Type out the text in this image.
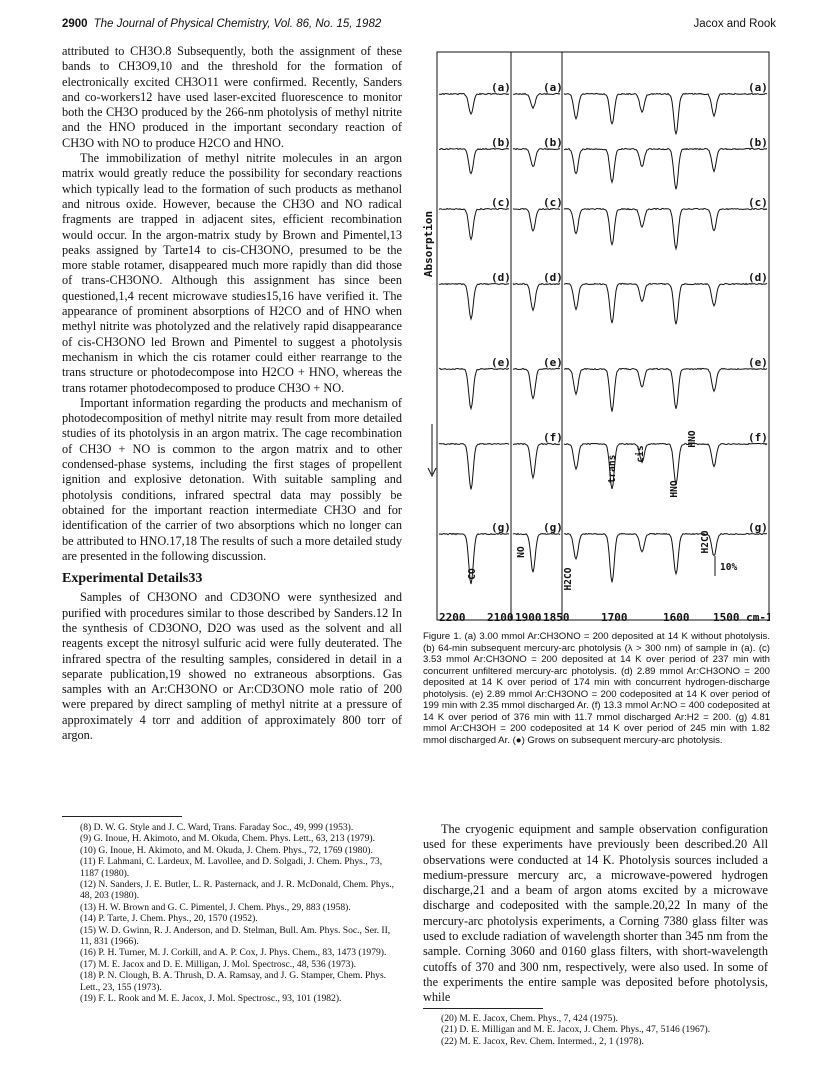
2900 The Journal of Physical Chemistry, Vol. 86, No. 15, 1982	Jacox and Rook

attributed to CH3O.8 Subsequently, both the assignment of these bands to CH3O9,10 and the threshold for the formation of electronically excited CH3O11 were confirmed. Recently, Sanders and co-workers12 have used laser-excited fluorescence to monitor both the CH3O produced by the 266-nm photolysis of methyl nitrite and the HNO produced in the important secondary reaction of CH3O with NO to produce H2CO and HNO.

The immobilization of methyl nitrite molecules in an argon matrix would greatly reduce the possibility for secondary reactions which typically lead to the formation of such products as methanol and nitrous oxide. However, because the CH3O and NO radical fragments are trapped in adjacent sites, efficient recombination would occur. In the argon-matrix study by Brown and Pimentel,13 peaks assigned by Tarte14 to cis-CH3ONO, presumed to be the more stable rotamer, disappeared much more rapidly than did those of trans-CH3ONO. Although this assignment has since been questioned,1,4 recent microwave studies15,16 have verified it. The appearance of prominent absorptions of H2CO and of HNO when methyl nitrite was photolyzed and the relatively rapid disappearance of cis-CH3ONO led Brown and Pimentel to suggest a photolysis mechanism in which the cis rotamer could either rearrange to the trans structure or photodecompose into H2CO + HNO, whereas the trans rotamer photodecomposed to produce CH3O + NO.

Important information regarding the products and mechanism of photodecomposition of methyl nitrite may result from more detailed studies of its photolysis in an argon matrix. The cage recombination of CH3O + NO is common to the argon matrix and to other condensed-phase systems, including the first stages of propellent ignition and explosive detonation. With suitable sampling and photolysis conditions, infrared spectral data may possibly be obtained for the important reaction intermediate CH3O and for identification of the carrier of two absorptions which no longer can be attributed to HNO.17,18 The results of such a more detailed study are presented in the following discussion.

Experimental Details33

Samples of CH3ONO and CD3ONO were synthesized and purified with procedures similar to those described by Sanders.12 In the synthesis of CD3ONO, D2O was used as the solvent and all reagents except the nitrosyl sulfuric acid were fully deuterated. The infrared spectra of the resulting samples, considered in detail in a separate publication,19 showed no extraneous absorptions. Gas samples with an Ar:CH3ONO or Ar:CD3ONO mole ratio of 200 were prepared by direct sampling of methyl nitrite at a pressure of approximately 4 torr and addition of approximately 800 torr of argon.

(8) D. W. G. Style and J. C. Ward, Trans. Faraday Soc., 49, 999 (1953).
(9) G. Inoue, H. Akimoto, and M. Okuda, Chem. Phys. Lett., 63, 213 (1979).
(10) G. Inoue, H. Akimoto, and M. Okuda, J. Chem. Phys., 72, 1769 (1980).
(11) F. Lahmani, C. Lardeux, M. Lavollee, and D. Solgadi, J. Chem. Phys., 73, 1187 (1980).
(12) N. Sanders, J. E. Butler, L. R. Pasternack, and J. R. McDonald, Chem. Phys., 48, 203 (1980).
(13) H. W. Brown and G. C. Pimentel, J. Chem. Phys., 29, 883 (1958).
(14) P. Tarte, J. Chem. Phys., 20, 1570 (1952).
(15) W. D. Gwinn, R. J. Anderson, and D. Stelman, Bull. Am. Phys. Soc., Ser. II, 11, 831 (1966).
(16) P. H. Turner, M. J. Corkill, and A. P. Cox, J. Phys. Chem., 83, 1473 (1979).
(17) M. E. Jacox and D. E. Milligan, J. Mol. Spectrosc., 48, 536 (1973).
(18) P. N. Clough, B. A. Thrush, D. A. Ramsay, and J. G. Stamper, Chem. Phys. Lett., 23, 155 (1973).
(19) F. L. Rook and M. E. Jacox, J. Mol. Spectrosc., 93, 101 (1982).
Absorption
(a)	(a)	(a)
(b)	(b)	(b)
(c)	(c)	(c)
(d)	(d)	(d)
(e)	(e)	(e)
(f)	(f)
(g)	(g)	(g)
CO
NO
H2CO
trans
cis
HNO
HNO
H2CO
10%
2200 2100 1900 1850	1700	1600 1500 cm-1
Figure 1. (a) 3.00 mmol Ar:CH3ONO = 200 deposited at 14 K without photolysis. (b) 64-min subsequent mercury-arc photolysis (λ > 300 nm) of sample in (a). (c) 3.53 mmol Ar:CH3ONO = 200 deposited at 14 K over period of 237 min with concurrent unfiltered mercury-arc photolysis. (d) 2.89 mmol Ar:CH3ONO = 200 deposited at 14 K over period of 174 min with concurrent hydrogen-discharge photolysis. (e) 2.89 mmol Ar:CH3ONO = 200 codeposited at 14 K over period of 199 min with 2.35 mmol discharged Ar. (f) 13.3 mmol Ar:NO = 400 codeposited at 14 K over period of 376 min with 11.7 mmol discharged Ar:H2 = 200. (g) 4.81 mmol Ar:CH3OH = 200 codeposited at 14 K over period of 245 min with 1.82 mmol discharged Ar. (●) Grows on subsequent mercury-arc photolysis.

The cryogenic equipment and sample observation configuration used for these experiments have previously been described.20 All observations were conducted at 14 K. Photolysis sources included a medium-pressure mercury arc, a microwave-powered hydrogen discharge,21 and a beam of argon atoms excited by a microwave discharge and codeposited with the sample.20,22 In many of the mercury-arc photolysis experiments, a Corning 7380 glass filter was used to exclude radiation of wavelength shorter than 345 nm from the sample. Corning 3060 and 0160 glass filters, with short-wavelength cutoffs of 370 and 300 nm, respectively, were also used. In some of the experiments the entire sample was deposited before photolysis, while

(20) M. E. Jacox, Chem. Phys., 7, 424 (1975).
(21) D. E. Milligan and M. E. Jacox, J. Chem. Phys., 47, 5146 (1967).
(22) M. E. Jacox, Rev. Chem. Intermed., 2, 1 (1978).
